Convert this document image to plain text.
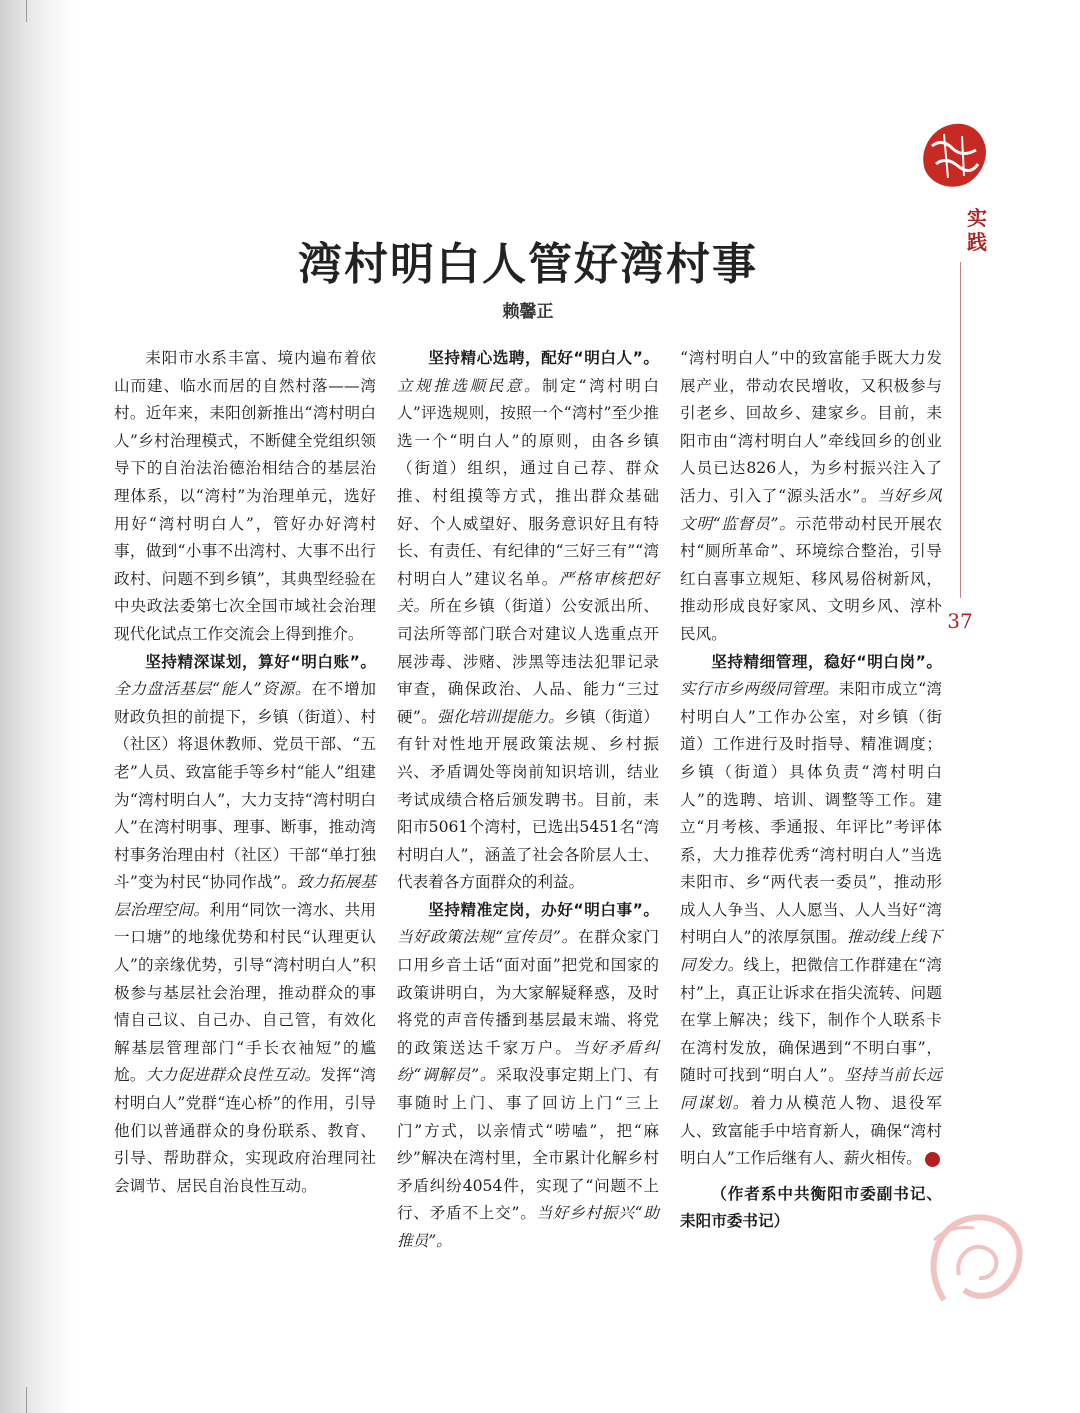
实践
37
湾村明白人管好湾村事
赖馨正

耒阳市水系丰富、境内遍布着依山而建、临水而居的自然村落——湾村。近年来，耒阳创新推出“湾村明白人”乡村治理模式，不断健全党组织领导下的自治法治德治相结合的基层治理体系，以“湾村”为治理单元，选好用好“湾村明白人”，管好办好湾村事，做到“小事不出湾村、大事不出行政村、问题不到乡镇”，其典型经验在中央政法委第七次全国市域社会治理现代化试点工作交流会上得到推介。

坚持精深谋划，算好“明白账”。全力盘活基层“能人”资源。在不增加财政负担的前提下，乡镇（街道）、村（社区）将退休教师、党员干部、“五老”人员、致富能手等乡村“能人”组建为“湾村明白人”，大力支持“湾村明白人”在湾村明事、理事、断事，推动湾村事务治理由村（社区）干部“单打独斗”变为村民“协同作战”。致力拓展基层治理空间。利用“同饮一湾水、共用一口塘”的地缘优势和村民“认理更认人”的亲缘优势，引导“湾村明白人”积极参与基层社会治理，推动群众的事情自己议、自己办、自己管，有效化解基层管理部门“手长衣袖短”的尴尬。大力促进群众良性互动。发挥“湾村明白人”党群“连心桥”的作用，引导他们以普通群众的身份联系、教育、引导、帮助群众，实现政府治理同社会调节、居民自治良性互动。

坚持精心选聘，配好“明白人”。立规推选顺民意。制定“湾村明白人”评选规则，按照一个“湾村”至少推选一个“明白人”的原则，由各乡镇（街道）组织，通过自己荐、群众推、村组摸等方式，推出群众基础好、个人威望好、服务意识好且有特长、有责任、有纪律的“三好三有”“湾村明白人”建议名单。严格审核把好关。所在乡镇（街道）公安派出所、司法所等部门联合对建议人选重点开展涉毒、涉赌、涉黑等违法犯罪记录审查，确保政治、人品、能力“三过硬”。强化培训提能力。乡镇（街道）有针对性地开展政策法规、乡村振兴、矛盾调处等岗前知识培训，结业考试成绩合格后颁发聘书。目前，耒阳市5061个湾村，已选出5451名“湾村明白人”，涵盖了社会各阶层人士、代表着各方面群众的利益。

坚持精准定岗，办好“明白事”。当好政策法规“宣传员”。在群众家门口用乡音土话“面对面”把党和国家的政策讲明白，为大家解疑释惑，及时将党的声音传播到基层最末端、将党的政策送达千家万户。当好矛盾纠纷“调解员”。采取没事定期上门、有事随时上门、事了回访上门“三上门”方式，以亲情式“唠嗑”，把“麻纱”解决在湾村里，全市累计化解乡村矛盾纠纷4054件，实现了“问题不上行、矛盾不上交”。当好乡村振兴“助推员”。

“湾村明白人”中的致富能手既大力发展产业，带动农民增收，又积极参与引老乡、回故乡、建家乡。目前，耒阳市由“湾村明白人”牵线回乡的创业人员已达826人，为乡村振兴注入了活力、引入了“源头活水”。当好乡风文明“监督员”。示范带动村民开展农村“厕所革命”、环境综合整治，引导红白喜事立规矩、移风易俗树新风，推动形成良好家风、文明乡风、淳朴民风。

坚持精细管理，稳好“明白岗”。实行市乡两级同管理。耒阳市成立“湾村明白人”工作办公室，对乡镇（街道）工作进行及时指导、精准调度；乡镇（街道）具体负责“湾村明白人”的选聘、培训、调整等工作。建立“月考核、季通报、年评比”考评体系，大力推荐优秀“湾村明白人”当选耒阳市、乡“两代表一委员”，推动形成人人争当、人人愿当、人人当好“湾村明白人”的浓厚氛围。推动线上线下同发力。线上，把微信工作群建在“湾村”上，真正让诉求在指尖流转、问题在掌上解决；线下，制作个人联系卡在湾村发放，确保遇到“不明白事”，随时可找到“明白人”。坚持当前长远同谋划。着力从模范人物、退役军人、致富能手中培育新人，确保“湾村明白人”工作后继有人、薪火相传。

（作者系中共衡阳市委副书记、耒阳市委书记）
